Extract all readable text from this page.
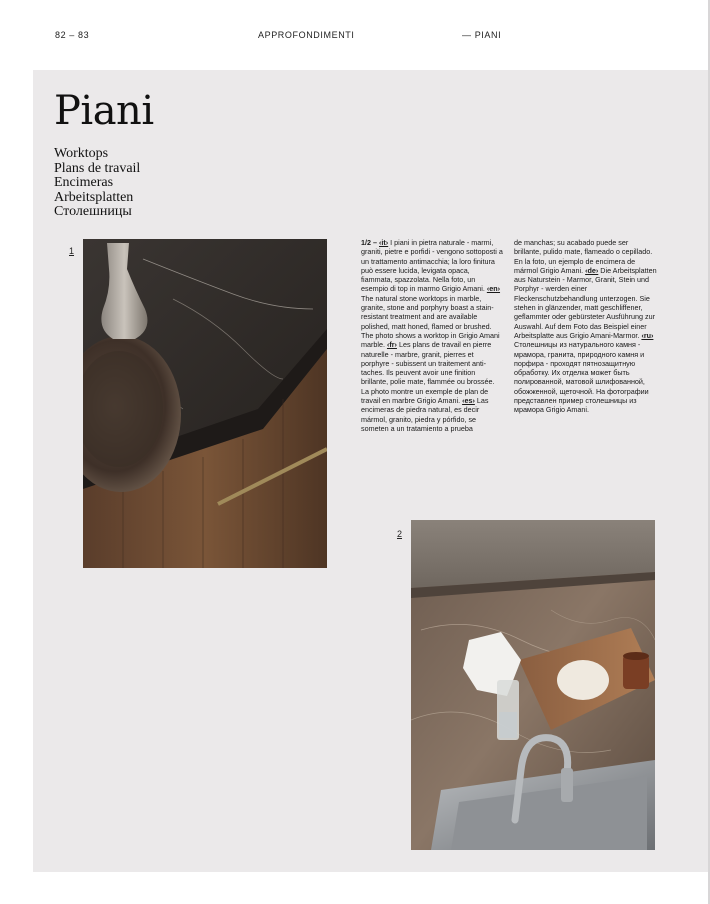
82 – 83	APPROFONDIMENTI	— PIANI
Piani
Worktops
Plans de travail
Encimeras
Arbeitsplatten
Столешницы
1
1/2 – ‹it› I piani in pietra naturale - marmi, graniti, pietre e porfidi - vengono sottoposti a un trattamento antimacchia; la loro finitura può essere lucida, levigata opaca, fiammata, spazzolata. Nella foto, un esempio di top in marmo Grigio Amani. ‹en› The natural stone worktops in marble, granite, stone and porphyry boast a stain-resistant treatment and are available polished, matt honed, flamed or brushed. The photo shows a worktop in Grigio Amani marble. ‹fr› Les plans de travail en pierre naturelle - marbre, granit, pierres et porphyre - subissent un traitement anti-taches. Ils peuvent avoir une finition brillante, polie mate, flammée ou brossée. La photo montre un exemple de plan de travail en marbre Grigio Amani. ‹es› Las encimeras de piedra natural, es decir mármol, granito, piedra y pórfido, se someten a un tratamiento a prueba
de manchas; su acabado puede ser brillante, pulido mate, flameado o cepillado. En la foto, un ejemplo de encimera de mármol Grigio Amani. ‹de› Die Arbeitsplatten aus Naturstein - Marmor, Granit, Stein und Porphyr - werden einer Fleckenschutzbehandlung unterzogen. Sie stehen in glänzender, matt geschliffener, geflammter oder gebürsteter Ausführung zur Auswahl. Auf dem Foto das Beispiel einer Arbeitsplatte aus Grigio Amani-Marmor. ‹ru› Столешницы из натурального камня - мрамора, гранита, природного камня и порфира - проходят пятнозащитную обработку. Их отделка может быть полированной, матовой шлифованной, обожженной, щеточной. На фотографии представлен пример столешницы из мрамора Grigio Amani.
2
